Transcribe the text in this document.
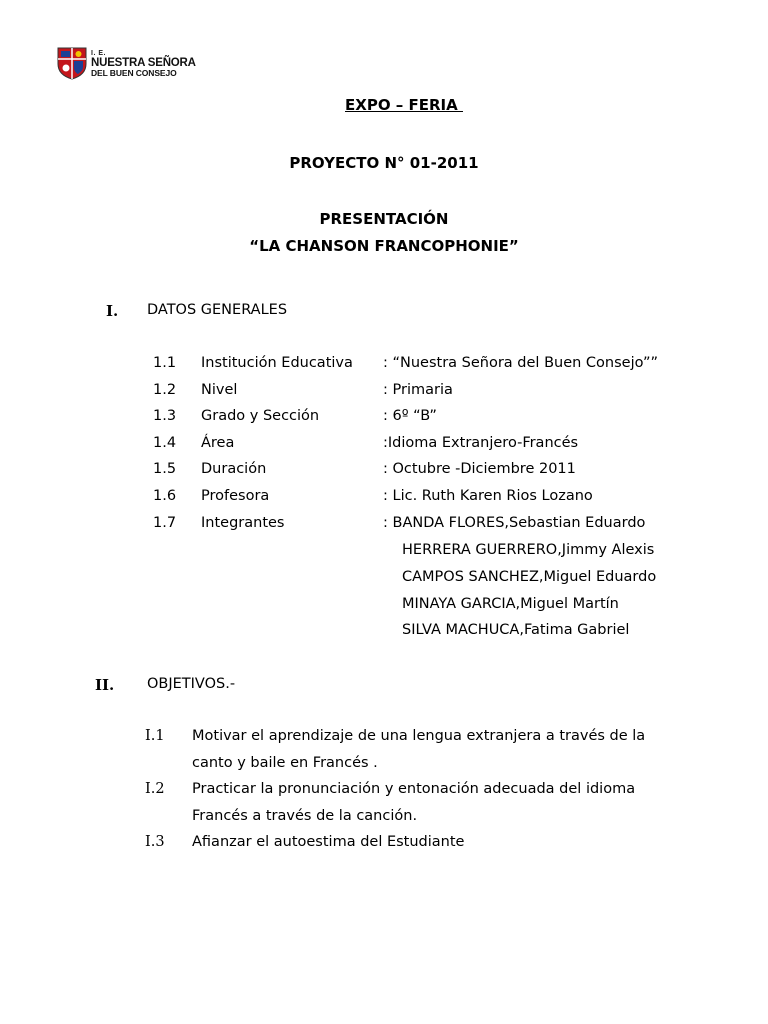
I. E.
NUESTRA SEÑORA
DEL BUEN CONSEJO
EXPO – FERIA
PROYECTO N° 01-2011
PRESENTACIÓN
“LA CHANSON FRANCOPHONIE”
I. DATOS GENERALES
1.1 Institución Educativa : “Nuestra Señora del Buen Consejo””
1.2 Nivel	: Primaria
1.3 Grado y Sección	: 6º “B”
1.4 Área	:Idioma Extranjero-Francés
1.5 Duración	: Octubre -Diciembre 2011
1.6 Profesora	: Lic. Ruth Karen Rios Lozano
1.7 Integrantes	: BANDA FLORES,Sebastian Eduardo
HERRERA GUERRERO,Jimmy Alexis
CAMPOS SANCHEZ,Miguel Eduardo
MINAYA GARCIA,Miguel Martín
SILVA MACHUCA,Fatima Gabriel
II. OBJETIVOS.-
I.1 Motivar el aprendizaje de una lengua extranjera a través de la
canto y baile en Francés .
I.2 Practicar la pronunciación y entonación adecuada del idioma
Francés a través de la canción.
I.3 Afianzar el autoestima del Estudiante
